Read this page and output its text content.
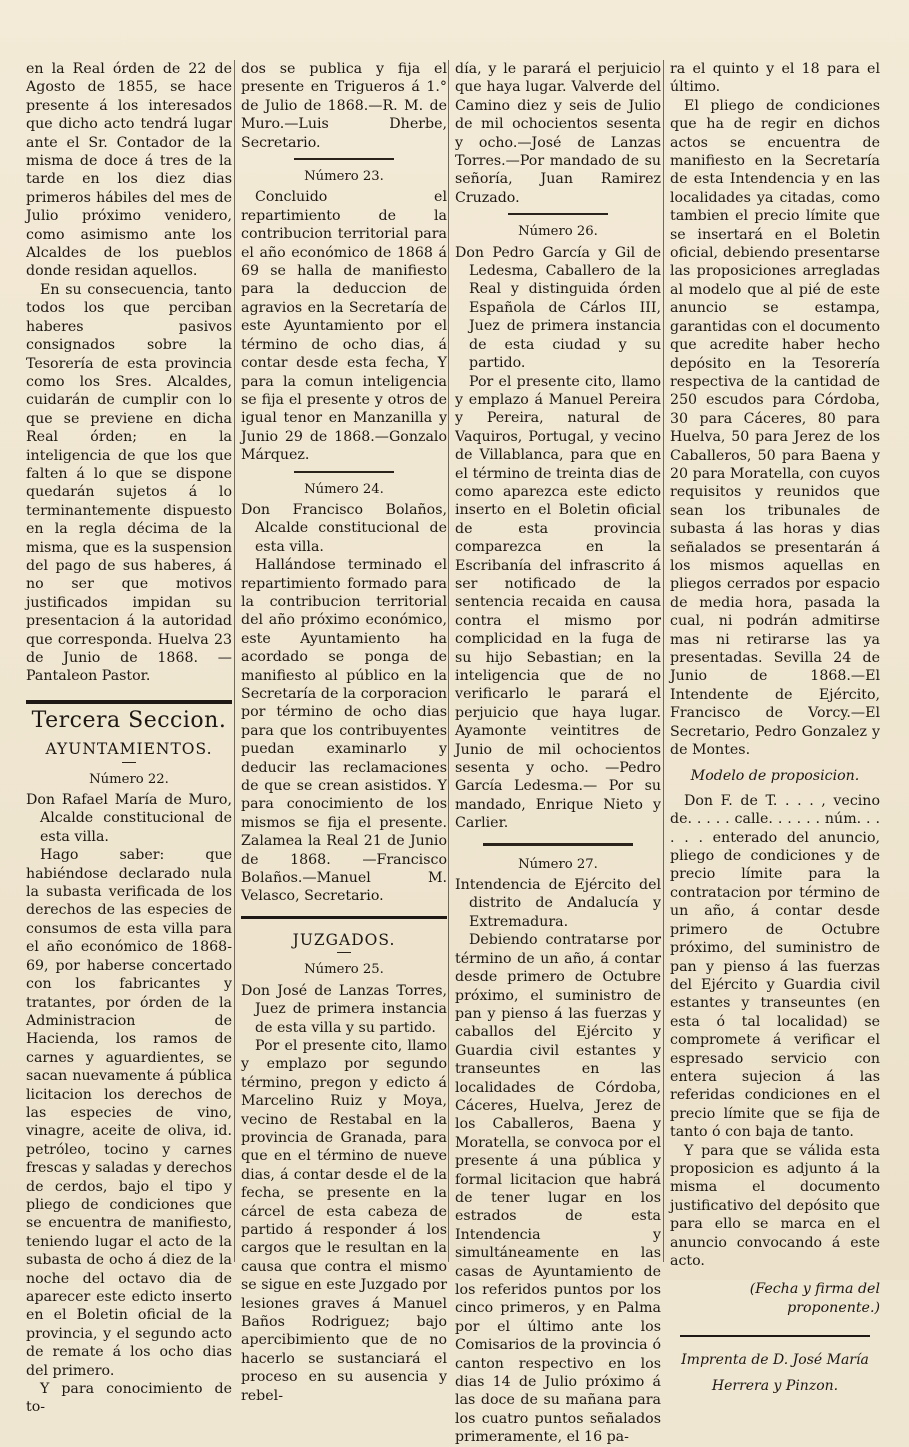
en la Real órden de 22 de Agosto de 1855, se hace presente á los interesados que dicho acto tendrá lugar ante el Sr. Contador de la misma de doce á tres de la tarde en los diez dias primeros hábiles del mes de Julio próximo venidero, como asimismo ante los Alcaldes de los pueblos donde residan aquellos.

En su consecuencia, tanto todos los que perciban haberes pasivos consignados sobre la Tesorería de esta provincia como los Sres. Alcaldes, cuidarán de cumplir con lo que se previene en dicha Real órden; en la inteligencia de que los que falten á lo que se dispone quedarán sujetos á lo terminantemente dispuesto en la regla décima de la misma, que es la suspension del pago de sus haberes, á no ser que motivos justificados impidan su presentacion á la autoridad que corresponda. Huelva 23 de Junio de 1868. —Pantaleon Pastor.

Tercera Seccion.
AYUNTAMIENTOS.
Número 22.

Don Rafael María de Muro, Alcalde constitucional de esta villa.

Hago saber: que habiéndose declarado nula la subasta verificada de los derechos de las especies de consumos de esta villa para el año económico de 1868-69, por haberse concertado con los fabricantes y tratantes, por órden de la Administracion de Hacienda, los ramos de carnes y aguardientes, se sacan nuevamente á pública licitacion los derechos de las especies de vino, vinagre, aceite de oliva, id. petróleo, tocino y carnes frescas y saladas y derechos de cerdos, bajo el tipo y pliego de condiciones que se encuentra de manifiesto, teniendo lugar el acto de la subasta de ocho á diez de la noche del octavo dia de aparecer este edicto inserto en el Boletin oficial de la provincia, y el segundo acto de remate á los ocho dias del primero.

Y para conocimiento de to-

dos se publica y fija el presente en Trigueros á 1.° de Julio de 1868.—R. M. de Muro.—Luis Dherbe, Secretario.

Número 23.

Concluido el repartimiento de la contribucion territorial para el año económico de 1868 á 69 se halla de manifiesto para la deduccion de agravios en la Secretaría de este Ayuntamiento por el término de ocho dias, á contar desde esta fecha, Y para la comun inteligencia se fija el presente y otros de igual tenor en Manzanilla y Junio 29 de 1868.—Gonzalo Márquez.

Número 24.

Don Francisco Bolaños, Alcalde constitucional de esta villa.

Hallándose terminado el repartimiento formado para la contribucion territorial del año próximo económico, este Ayuntamiento ha acordado se ponga de manifiesto al público en la Secretaría de la corporacion por término de ocho dias para que los contribuyentes puedan examinarlo y deducir las reclamaciones de que se crean asistidos. Y para conocimiento de los mismos se fija el presente. Zalamea la Real 21 de Junio de 1868. —Francisco Bolaños.—Manuel M. Velasco, Secretario.

JUZGADOS.
Número 25.

Don José de Lanzas Torres, Juez de primera instancia de esta villa y su partido.

Por el presente cito, llamo y emplazo por segundo término, pregon y edicto á Marcelino Ruiz y Moya, vecino de Restabal en la provincia de Granada, para que en el término de nueve dias, á contar desde el de la fecha, se presente en la cárcel de esta cabeza de partido á responder á los cargos que le resultan en la causa que contra el mismo se sigue en este Juzgado por lesiones graves á Manuel Baños Rodriguez; bajo apercibimiento que de no hacerlo se sustanciará el proceso en su ausencia y rebel-

día, y le parará el perjuicio que haya lugar. Valverde del Camino diez y seis de Julio de mil ochocientos sesenta y ocho.—José de Lanzas Torres.—Por mandado de su señoría, Juan Ramirez Cruzado.

Número 26.

Don Pedro García y Gil de Ledesma, Caballero de la Real y distinguida órden Española de Cárlos III, Juez de primera instancia de esta ciudad y su partido.

Por el presente cito, llamo y emplazo á Manuel Pereira y Pereira, natural de Vaquiros, Portugal, y vecino de Villablanca, para que en el término de treinta dias de como aparezca este edicto inserto en el Boletin oficial de esta provincia comparezca en la Escribanía del infrascrito á ser notificado de la sentencia recaida en causa contra el mismo por complicidad en la fuga de su hijo Sebastian; en la inteligencia que de no verificarlo le parará el perjuicio que haya lugar. Ayamonte veintitres de Junio de mil ochocientos sesenta y ocho. —Pedro García Ledesma.— Por su mandado, Enrique Nieto y Carlier.

Número 27.

Intendencia de Ejército del distrito de Andalucía y Extremadura.

Debiendo contratarse por término de un año, á contar desde primero de Octubre próximo, el suministro de pan y pienso á las fuerzas y caballos del Ejército y Guardia civil estantes y transeuntes en las localidades de Córdoba, Cáceres, Huelva, Jerez de los Caballeros, Baena y Moratella, se convoca por el presente á una pública y formal licitacion que habrá de tener lugar en los estrados de esta Intendencia y simultáneamente en las casas de Ayuntamiento de los referidos puntos por los cinco primeros, y en Palma por el último ante los Comisarios de la provincia ó canton respectivo en los dias 14 de Julio próximo á las doce de su mañana para los cuatro puntos señalados primeramente, el 16 pa-

ra el quinto y el 18 para el último.

El pliego de condiciones que ha de regir en dichos actos se encuentra de manifiesto en la Secretaría de esta Intendencia y en las localidades ya citadas, como tambien el precio límite que se insertará en el Boletin oficial, debiendo presentarse las proposiciones arregladas al modelo que al pié de este anuncio se estampa, garantidas con el documento que acredite haber hecho depósito en la Tesorería respectiva de la cantidad de 250 escudos para Córdoba, 30 para Cáceres, 80 para Huelva, 50 para Jerez de los Caballeros, 50 para Baena y 20 para Moratella, con cuyos requisitos y reunidos que sean los tribunales de subasta á las horas y dias señalados se presentarán á los mismos aquellas en pliegos cerrados por espacio de media hora, pasada la cual, ni podrán admitirse mas ni retirarse las ya presentadas. Sevilla 24 de Junio de 1868.—El Intendente de Ejército, Francisco de Vorcy.—El Secretario, Pedro Gonzalez y de Montes.

Modelo de proposicion.

Don F. de T. . . . , vecino de. . . . . calle. . . . . . núm. . . . . . enterado del anuncio, pliego de condiciones y de precio límite para la contratacion por término de un año, á contar desde primero de Octubre próximo, del suministro de pan y pienso á las fuerzas del Ejército y Guardia civil estantes y transeuntes (en esta ó tal localidad) se compromete á verificar el espresado servicio con entera sujecion á las referidas condiciones en el precio límite que se fija de tanto ó con baja de tanto.

Y para que se válida esta proposicion es adjunto á la misma el documento justificativo del depósito que para ello se marca en el anuncio convocando á este acto.

(Fecha y firma del proponente.)
Imprenta de D. José María
Herrera y Pinzon.
